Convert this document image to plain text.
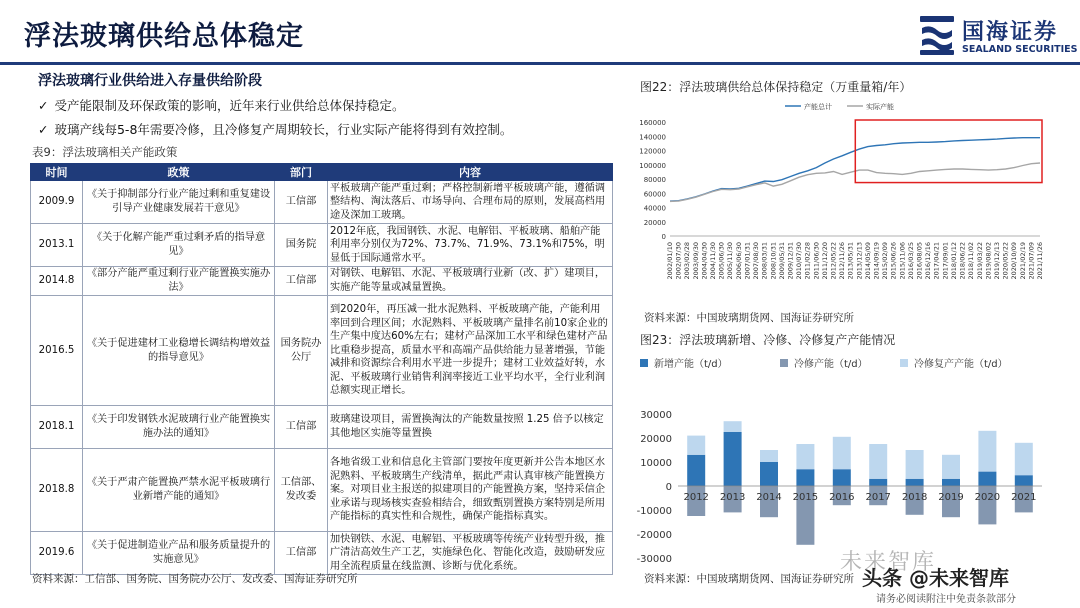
浮法玻璃供给总体稳定	国海证券
SEALAND SECURITIES
浮法玻璃行业供给进入存量供给阶段
✓ 受产能限制及环保政策的影响，近年来行业供给总体保持稳定。
✓ 玻璃产线每5-8年需要冷修，且冷修复产周期较长，行业实际产能将得到有效控制。
表9：浮法玻璃相关产能政策
时间	政策	部门	内容
2009.9	《关于抑制部分行业产能过剩和重复建设引导产业健康发展若干意见》	工信部	平板玻璃产能严重过剩；严格控制新增平板玻璃产能，遵循调整结构、淘汰落后、市场导向、合理布局的原则，发展高档用途及深加工玻璃。
2013.1	《关于化解产能严重过剩矛盾的指导意见》	国务院	2012年底，我国钢铁、水泥、电解铝、平板玻璃、船舶产能利用率分别仅为72%、73.7%、71.9%、73.1%和75%，明显低于国际通常水平。
2014.8	《部分产能严重过剩行业产能置换实施办法》	工信部	对钢铁、电解铝、水泥、平板玻璃行业新（改、扩）建项目，实施产能等量或减量置换。
2016.5	《关于促进建材工业稳增长调结构增效益的指导意见》	国务院办公厅	到2020年，再压减一批水泥熟料、平板玻璃产能，产能利用率回到合理区间；水泥熟料、平板玻璃产量排名前10家企业的生产集中度达60%左右；建材产品深加工水平和绿色建材产品比重稳步提高，质量水平和高端产品供给能力显著增强，节能减排和资源综合利用水平进一步提升；建材工业效益好转，水泥、平板玻璃行业销售利润率接近工业平均水平，全行业利润总额实现正增长。
2018.1	《关于印发钢铁水泥玻璃行业产能置换实施办法的通知》	工信部	玻璃建设项目，需置换淘汰的产能数量按照 1.25 倍予以核定其他地区实施等量置换
2018.8	《关于严肃产能置换严禁水泥平板玻璃行业新增产能的通知》	工信部、发改委	各地省级工业和信息化主管部门要按年度更新并公告本地区水泥熟料、平板玻璃生产线清单，据此严肃认真审核产能置换方案。对项目业主报送的拟建项目的产能置换方案，坚持采信企业承诺与现场核实查验相结合，细致甄别置换方案特别是所用产能指标的真实性和合规性，确保产能指标真实。
2019.6	《关于促进制造业产品和服务质量提升的实施意见》	工信部	加快钢铁、水泥、电解铝、平板玻璃等传统产业转型升级，推广清洁高效生产工艺，实施绿色化、智能化改造，鼓励研发应用全流程质量在线监测、诊断与优化系统。
资料来源：工信部、国务院、国务院办公厅、发改委、国海证券研究所
图22：浮法玻璃供给总体保持稳定（万重量箱/年）
产能总计	实际产能
0
20000
40000
60000
80000
100000
120000
140000
160000
2002/01/10 2002/07/30 2003/02/28 2003/09/30 2004/04/30 2004/11/30 2005/06/30 2005/11/30 2006/06/30 2007/01/31 2007/08/30 2008/03/31 2008/10/31 2009/05/31 2009/12/31 2010/07/30 2011/02/28 2011/06/30 2011/12/20 2012/05/22 2012/11/26 2013/05/31 2013/12/13 2014/05/09 2014/09/19 2015/02/09 2015/06/26 2015/11/06 2016/03/25 2016/08/05 2016/12/16 2017/04/21 2017/09/01 2018/01/12 2018/06/22 2018/11/02 2019/03/22 2019/08/02 2019/12/13 2020/05/22 2020/10/09 2021/02/19 2021/07/09 2021/11/26
资料来源：中国玻璃期货网、国海证券研究所
图23：浮法玻璃新增、冷修、冷修复产产能情况
新增产能（t/d）	冷修产能（t/d）	冷修复产产能（t/d）
-30000
-20000
-10000
0
10000
20000
30000
2012 2013 2014 2015 2016 2017 2018 2019 2020 2021
资料来源：中国玻璃期货网、国海证券研究所
未来智库
头条 @未来智库
请务必阅读附注中免责条款部分
